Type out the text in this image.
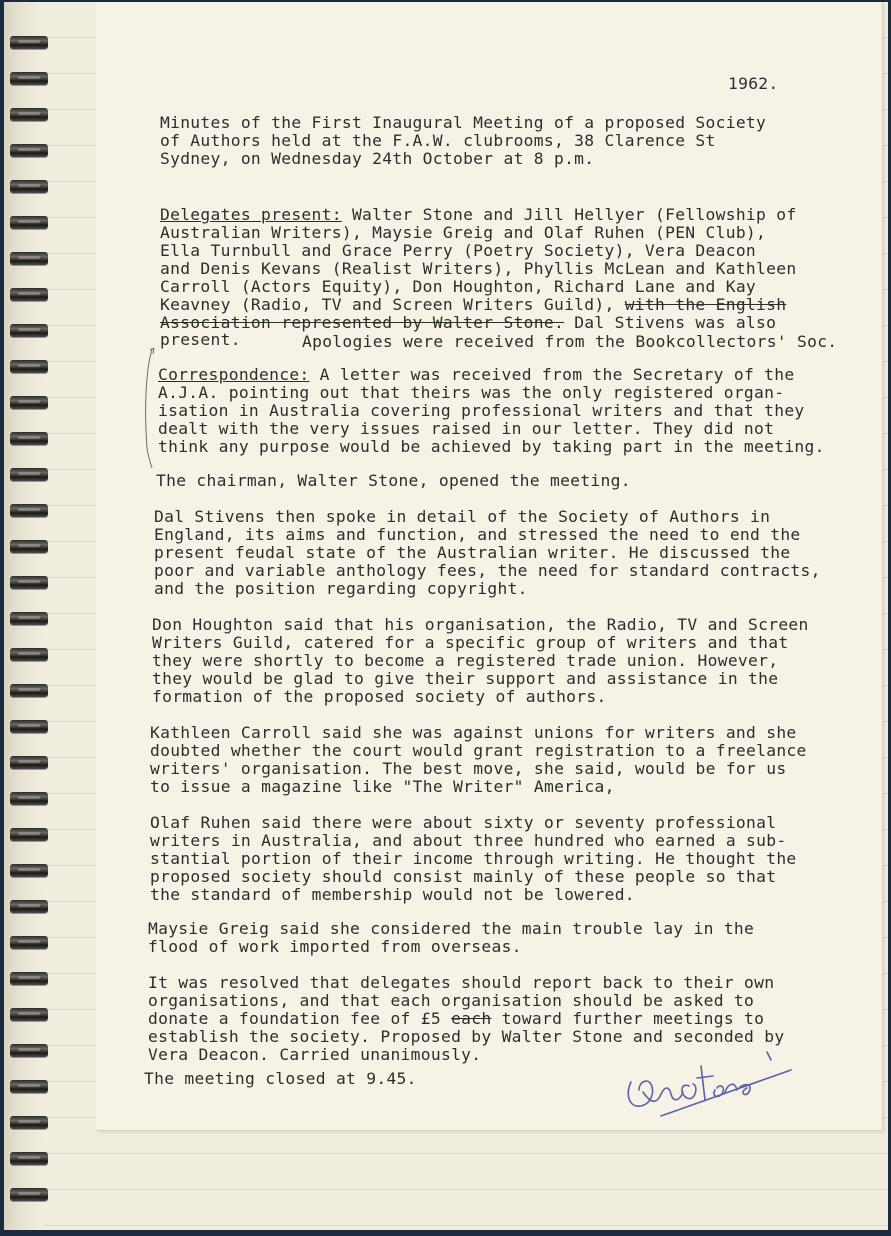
1962.
Minutes of the First Inaugural Meeting of a proposed Society
of Authors held at the F.A.W. clubrooms, 38 Clarence St
Sydney, on Wednesday 24th October at 8 p.m.
Delegates present: Walter Stone and Jill Hellyer (Fellowship of
Australian Writers), Maysie Greig and Olaf Ruhen (PEN Club),
Ella Turnbull and Grace Perry (Poetry Society), Vera Deacon
and Denis Kevans (Realist Writers), Phyllis McLean and Kathleen
Carroll (Actors Equity), Don Houghton, Richard Lane and Kay
Keavney (Radio, TV and Screen Writers Guild), with the English
Association represented by Walter Stone. Dal Stivens was also
present.	Apologies were received from the Bookcollectors' Soc.
Correspondence: A letter was received from the Secretary of the
A.J.A. pointing out that theirs was the only registered organ-
isation in Australia covering professional writers and that they
dealt with the very issues raised in our letter. They did not
think any purpose would be achieved by taking part in the meeting.
The chairman, Walter Stone, opened the meeting.
Dal Stivens then spoke in detail of the Society of Authors in
England, its aims and function, and stressed the need to end the
present feudal state of the Australian writer. He discussed the
poor and variable anthology fees, the need for standard contracts,
and the position regarding copyright.
Don Houghton said that his organisation, the Radio, TV and Screen
Writers Guild, catered for a specific group of writers and that
they were shortly to become a registered trade union. However,
they would be glad to give their support and assistance in the
formation of the proposed society of authors.
Kathleen Carroll said she was against unions for writers and she
doubted whether the court would grant registration to a freelance
writers' organisation. The best move, she said, would be for us
to issue a magazine like "The Writer" America,
Olaf Ruhen said there were about sixty or seventy professional
writers in Australia, and about three hundred who earned a sub-
stantial portion of their income through writing. He thought the
proposed society should consist mainly of these people so that
the standard of membership would not be lowered.
Maysie Greig said she considered the main trouble lay in the
flood of work imported from overseas.
It was resolved that delegates should report back to their own
organisations, and that each organisation should be asked to
donate a foundation fee of £5 each toward further meetings to
establish the society. Proposed by Walter Stone and seconded by
Vera Deacon. Carried unanimously.
The meeting closed at 9.45.
